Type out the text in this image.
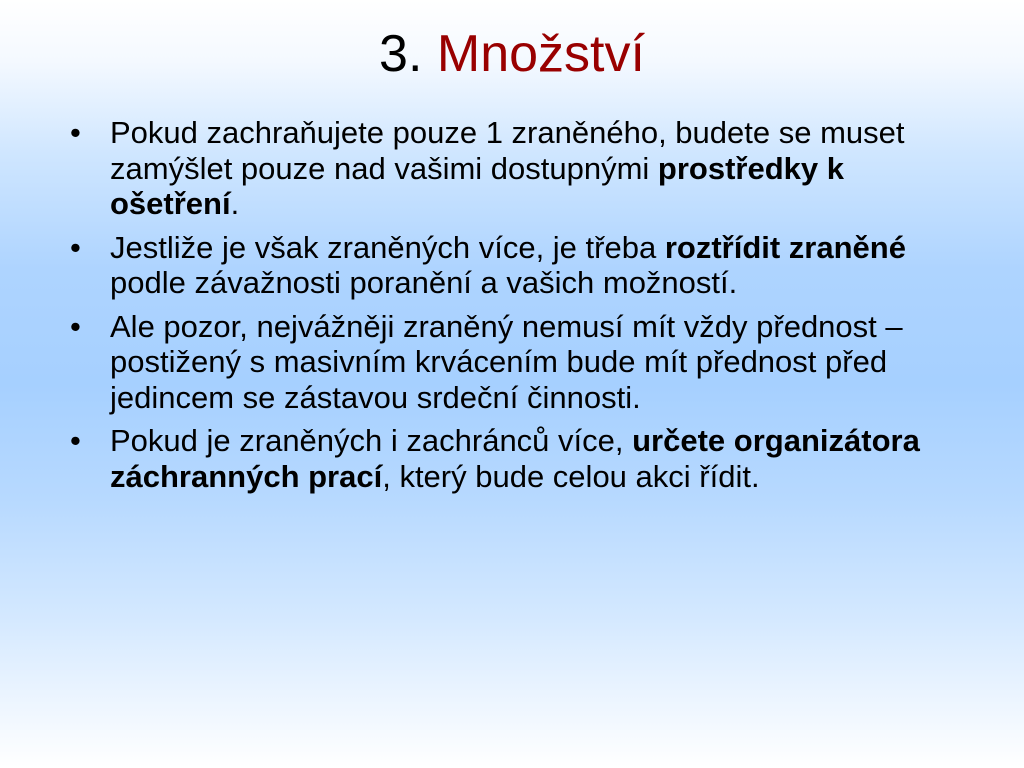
3. Množství
• Pokud zachraňujete pouze 1 zraněného, budete se muset zamýšlet pouze nad vašimi dostupnými prostředky k ošetření.
• Jestliže je však zraněných více, je třeba roztřídit zraněné podle závažnosti poranění a vašich možností.
• Ale pozor, nejvážněji zraněný nemusí mít vždy přednost – postižený s masivním krvácením bude mít přednost před jedincem se zástavou srdeční činnosti.
• Pokud je zraněných i zachránců více, určete organizátora záchranných prací, který bude celou akci řídit.
